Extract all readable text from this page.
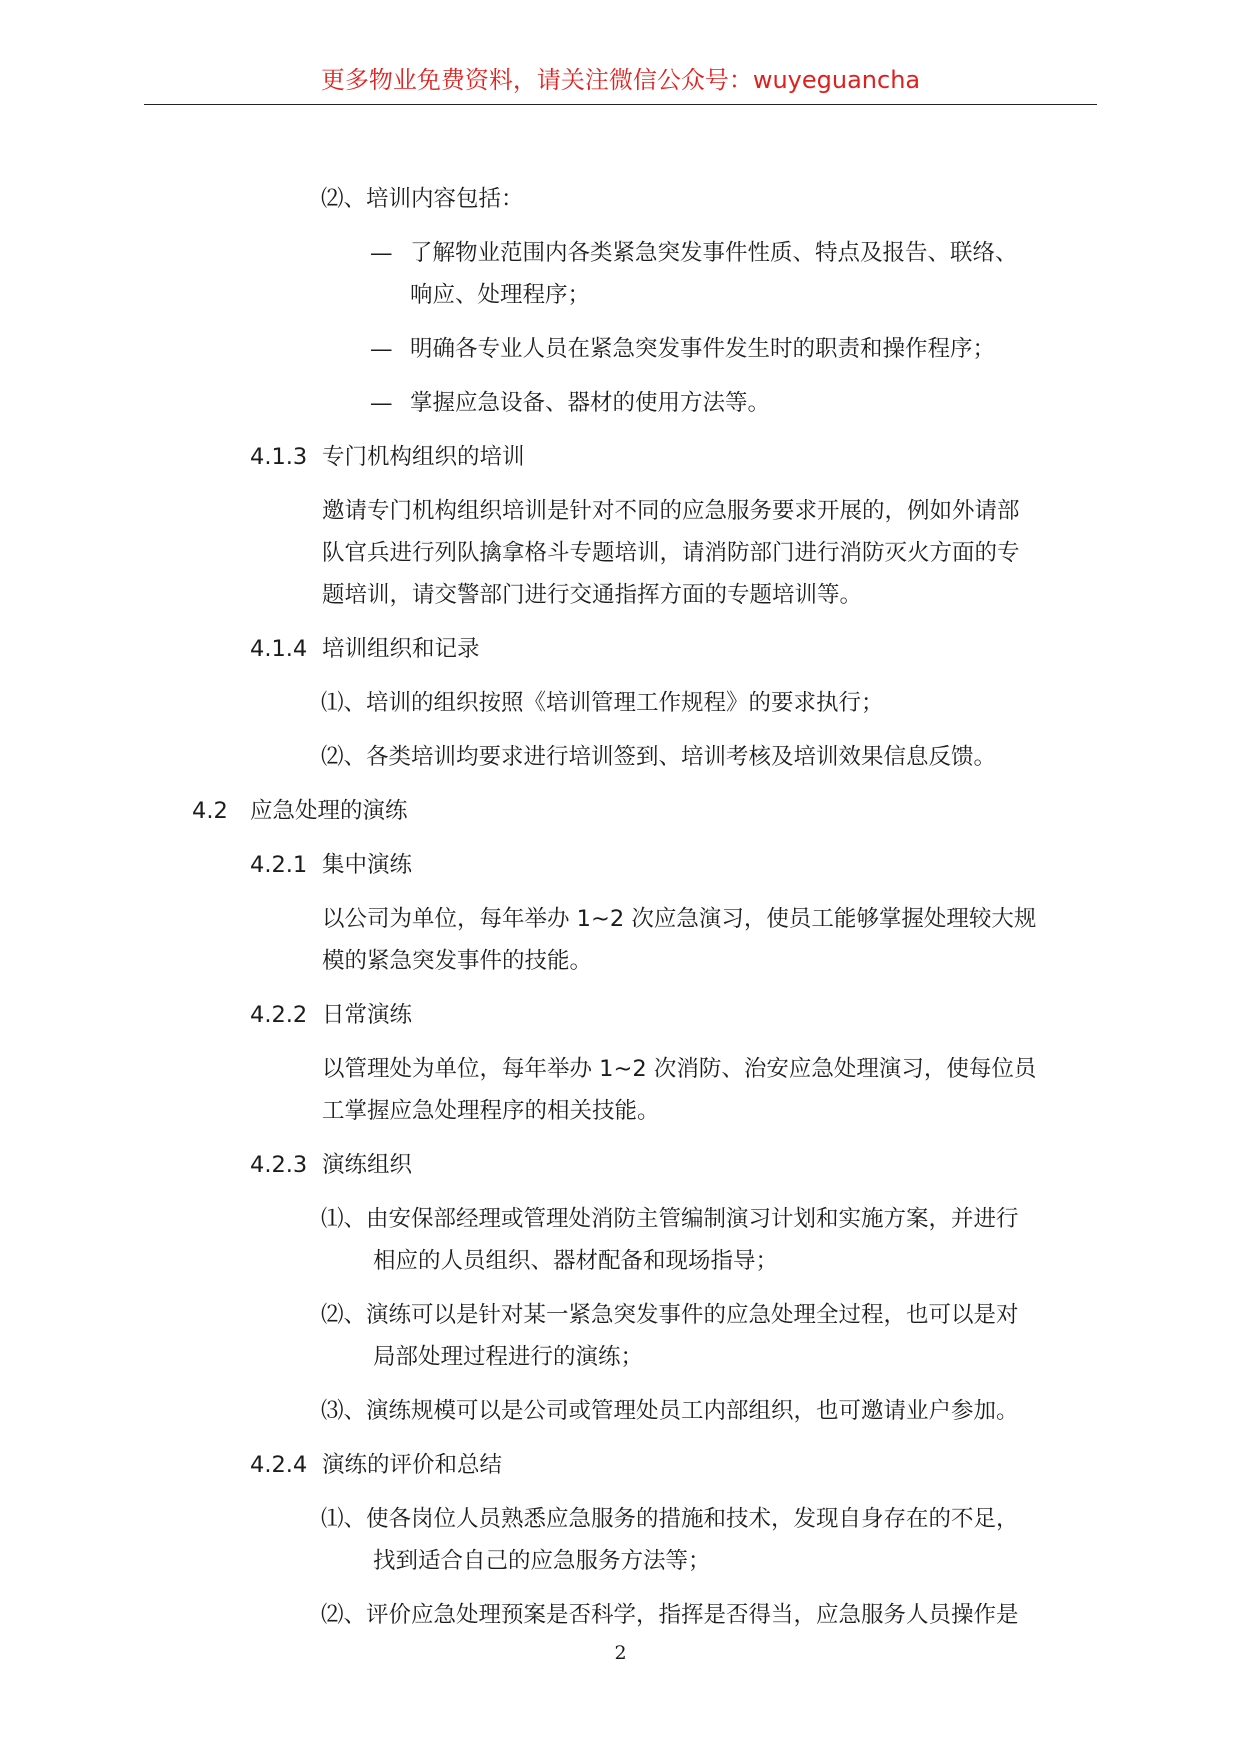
更多物业免费资料，请关注微信公众号：wuyeguancha
⑵、培训内容包括：
— 了解物业范围内各类紧急突发事件性质、特点及报告、联络、
响应、处理程序；
— 明确各专业人员在紧急突发事件发生时的职责和操作程序；
— 掌握应急设备、器材的使用方法等。
4.1.3 专门机构组织的培训
邀请专门机构组织培训是针对不同的应急服务要求开展的，例如外请部
队官兵进行列队擒拿格斗专题培训，请消防部门进行消防灭火方面的专
题培训，请交警部门进行交通指挥方面的专题培训等。
4.1.4 培训组织和记录
⑴、培训的组织按照《培训管理工作规程》的要求执行；
⑵、各类培训均要求进行培训签到、培训考核及培训效果信息反馈。
4.2 应急处理的演练
4.2.1 集中演练
以公司为单位，每年举办 1~2 次应急演习，使员工能够掌握处理较大规
模的紧急突发事件的技能。
4.2.2 日常演练
以管理处为单位，每年举办 1~2 次消防、治安应急处理演习，使每位员
工掌握应急处理程序的相关技能。
4.2.3 演练组织
⑴、由安保部经理或管理处消防主管编制演习计划和实施方案，并进行
相应的人员组织、器材配备和现场指导；
⑵、演练可以是针对某一紧急突发事件的应急处理全过程，也可以是对
局部处理过程进行的演练；
⑶、演练规模可以是公司或管理处员工内部组织，也可邀请业户参加。
4.2.4 演练的评价和总结
⑴、使各岗位人员熟悉应急服务的措施和技术，发现自身存在的不足，
找到适合自己的应急服务方法等；
⑵、评价应急处理预案是否科学，指挥是否得当，应急服务人员操作是
2
